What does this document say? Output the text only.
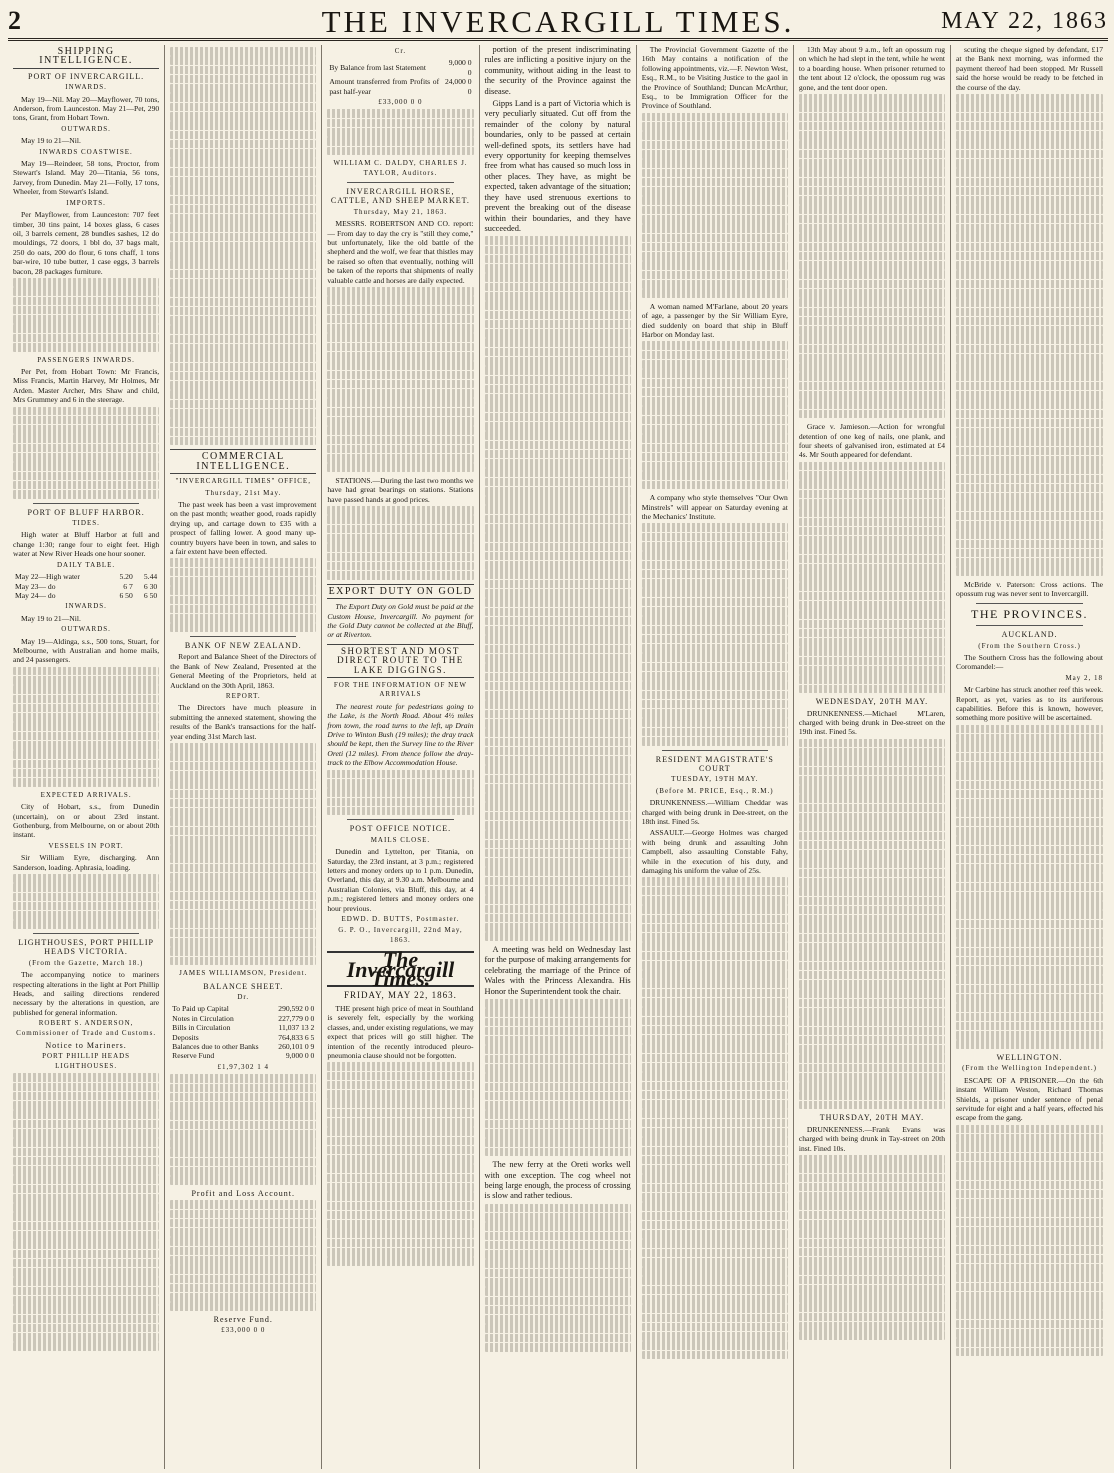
2	THE INVERCARGILL TIMES.	MAY 22, 1863
SHIPPING INTELLIGENCE.
PORT OF INVERCARGILL.
INWARDS.

May 19—Nil. May 20—Mayflower, 70 tons, Anderson, from Launceston. May 21—Pet, 290 tons, Grant, from Hobart Town.

OUTWARDS.

May 19 to 21—Nil.

INWARDS COASTWISE.

May 19—Reindeer, 58 tons, Proctor, from Stewart's Island. May 20—Titania, 56 tons, Jarvey, from Dunedin. May 21—Folly, 17 tons, Wheeler, from Stewart's Island.

IMPORTS.

Per Mayflower, from Launceston: 707 feet timber, 30 tins paint, 14 boxes glass, 6 cases oil, 3 barrels cement, 28 bundles sashes, 12 do mouldings, 72 doors, 1 bbl do, 37 bags malt, 250 do oats, 200 do flour, 6 tons chaff, 1 tons bar-wire, 10 tube butter, 1 case eggs, 3 barrels bacon, 28 packages furniture.

PASSENGERS INWARDS.

Per Pet, from Hobart Town: Mr Francis, Miss Francis, Martin Harvey, Mr Holmes, Mr Arden. Master Archer, Mrs Shaw and child, Mrs Grummey and 6 in the steerage.

PORT OF BLUFF HARBOR.
TIDES.

High water at Bluff Harbor at full and change 1:30; range four to eight feet. High water at New River Heads one hour sooner.

DAILY TABLE.
May 22—High water	5.20	5.44
May 23— do	6 7	6 30
May 24— do	6 50	6 50
INWARDS.

May 19 to 21—Nil.

OUTWARDS.

May 19—Aldinga, s.s., 500 tons, Stuart, for Melbourne, with Australian and home mails, and 24 passengers.

EXPECTED ARRIVALS.

City of Hobart, s.s., from Dunedin (uncertain), on or about 23rd instant. Gothenburg, from Melbourne, on or about 20th instant.

VESSELS IN PORT.

Sir William Eyre, discharging. Ann Sanderson, loading. Aphrasia, loading.

LIGHTHOUSES, PORT PHILLIP HEADS VICTORIA.
(From the Gazette, March 18.)

The accompanying notice to mariners respecting alterations in the light at Port Phillip Heads, and sailing directions rendered necessary by the alterations in question, are published for general information.

ROBERT S. ANDERSON, Commissioner of Trade and Customs.
Notice to Mariners.
PORT PHILLIP HEADS LIGHTHOUSES.
COMMERCIAL INTELLIGENCE.
"INVERCARGILL TIMES" OFFICE,
Thursday, 21st May.

The past week has been a vast improvement on the past month; weather good, roads rapidly drying up, and cartage down to £35 with a prospect of falling lower. A good many up-country buyers have been in town, and sales to a fair extent have been effected.

BANK OF NEW ZEALAND.

Report and Balance Sheet of the Directors of the Bank of New Zealand, Presented at the General Meeting of the Proprietors, held at Auckland on the 30th April, 1863.

REPORT.

The Directors have much pleasure in submitting the annexed statement, showing the results of the Bank's transactions for the half-year ending 31st March last.

JAMES WILLIAMSON, President.
BALANCE SHEET.
Dr.
To Paid up Capital	290,592 0 0
Notes in Circulation	227,779 0 0
Bills in Circulation	11,037 13 2
Deposits	764,833 6 5
Balances due to other Banks	260,101 0 9
Reserve Fund	9,000 0 0
£1,97,302 1 4
Profit and Loss Account.
Reserve Fund.
£33,000 0 0
Cr.
By Balance from last Statement	9,000 0 0
Amount transferred from Profits of past half-year	24,000 0 0
£33,000 0 0
WILLIAM C. DALDY, CHARLES J. TAYLOR, Auditors.
INVERCARGILL HORSE, CATTLE, AND SHEEP MARKET.
Thursday, May 21, 1863.

MESSRS. ROBERTSON AND CO. report:— From day to day the cry is "still they come," but unfortunately, like the old battle of the shepherd and the wolf, we fear that thistles may be raised so often that eventually, nothing will be taken of the reports that shipments of really valuable cattle and horses are daily expected.

STATIONS.—During the last two months we have had great bearings on stations. Stations have passed hands at good prices.

EXPORT DUTY ON GOLD

The Export Duty on Gold must be paid at the Custom House, Invercargill. No payment for the Gold Duty cannot be collected at the Bluff, or at Riverton.

SHORTEST AND MOST DIRECT ROUTE TO THE LAKE DIGGINGS.
FOR THE INFORMATION OF NEW ARRIVALS

The nearest route for pedestrians going to the Lake, is the North Road. About 4½ miles from town, the road turns to the left, up Drain Drive to Winton Bush (19 miles); the dray track should be kept, then the Survey line to the River Oreti (12 miles). From thence follow the dray-track to the Elbow Accommodation House.

POST OFFICE NOTICE.
MAILS CLOSE.

Dunedin and Lyttelton, per Titania, on Saturday, the 23rd instant, at 3 p.m.; registered letters and money orders up to 1 p.m. Dunedin, Overland, this day, at 9.30 a.m. Melbourne and Australian Colonies, via Bluff, this day, at 4 p.m.; registered letters and money orders one hour previous.

EDWD. D. BUTTS, Postmaster.
G. P. O., Invercargill, 22nd May, 1863.
The Invercargill Times.
FRIDAY, MAY 22, 1863.

THE present high price of meat in Southland is severely felt, especially by the working classes, and, under existing regulations, we may expect that prices will go still higher. The intention of the recently introduced pleuro-pneumonia clause should not be forgotten.

portion of the present indiscriminating rules are inflicting a positive injury on the community, without aiding in the least to the security of the Province against the disease.

Gipps Land is a part of Victoria which is very peculiarly situated. Cut off from the remainder of the colony by natural boundaries, only to be passed at certain well-defined spots, its settlers have had every opportunity for keeping themselves free from what has caused so much loss in other places. They have, as might be expected, taken advantage of the situation; they have used strenuous exertions to prevent the breaking out of the disease within their boundaries, and they have succeeded.

A meeting was held on Wednesday last for the purpose of making arrangements for celebrating the marriage of the Prince of Wales with the Princess Alexandra. His Honor the Superintendent took the chair.

The new ferry at the Oreti works well with one exception. The cog wheel not being large enough, the process of crossing is slow and rather tedious.

The Provincial Government Gazette of the 16th May contains a notification of the following appointments, viz.—F. Newton West, Esq., R.M., to be Visiting Justice to the gaol in the Province of Southland; Duncan McArthur, Esq., to be Immigration Officer for the Province of Southland.

A woman named M'Farlane, about 20 years of age, a passenger by the Sir William Eyre, died suddenly on board that ship in Bluff Harbor on Monday last.

A company who style themselves "Our Own Minstrels" will appear on Saturday evening at the Mechanics' Institute.

RESIDENT MAGISTRATE'S COURT
TUESDAY, 19TH MAY.
(Before M. PRICE, Esq., R.M.)

DRUNKENNESS.—William Cheddar was charged with being drunk in Dee-street, on the 18th inst. Fined 5s.

ASSAULT.—George Holmes was charged with being drunk and assaulting John Campbell, also assaulting Constable Fahy, while in the execution of his duty, and damaging his uniform the value of 25s.

13th May about 9 a.m., left an opossum rug on which he had slept in the tent, while he went to a boarding house. When prisoner returned to the tent about 12 o'clock, the opossum rug was gone, and the tent door open.

Grace v. Jamieson.—Action for wrongful detention of one keg of nails, one plank, and four sheets of galvanised iron, estimated at £4 4s. Mr South appeared for defendant.

WEDNESDAY, 20TH MAY.

DRUNKENNESS.—Michael M'Laren, charged with being drunk in Dee-street on the 19th inst. Fined 5s.

THURSDAY, 20TH MAY.

DRUNKENNESS.—Frank Evans was charged with being drunk in Tay-street on 20th inst. Fined 10s.

scuting the cheque signed by defendant, £17 at the Bank next morning, was informed the payment thereof had been stopped. Mr Russell said the horse would be ready to be fetched in the course of the day.

McBride v. Paterson: Cross actions. The opossum rug was never sent to Invercargill.

THE PROVINCES.
AUCKLAND.
(From the Southern Cross.)

The Southern Cross has the following about Coromandel:—

May 2, 18

Mr Carbine has struck another reef this week. Report, as yet, varies as to its auriferous capabilities. Before this is known, however, something more positive will be ascertained.

WELLINGTON.
(From the Wellington Independent.)

ESCAPE OF A PRISONER.—On the 6th instant William Weston, Richard Thomas Shields, a prisoner under sentence of penal servitude for eight and a half years, effected his escape from the gang.
